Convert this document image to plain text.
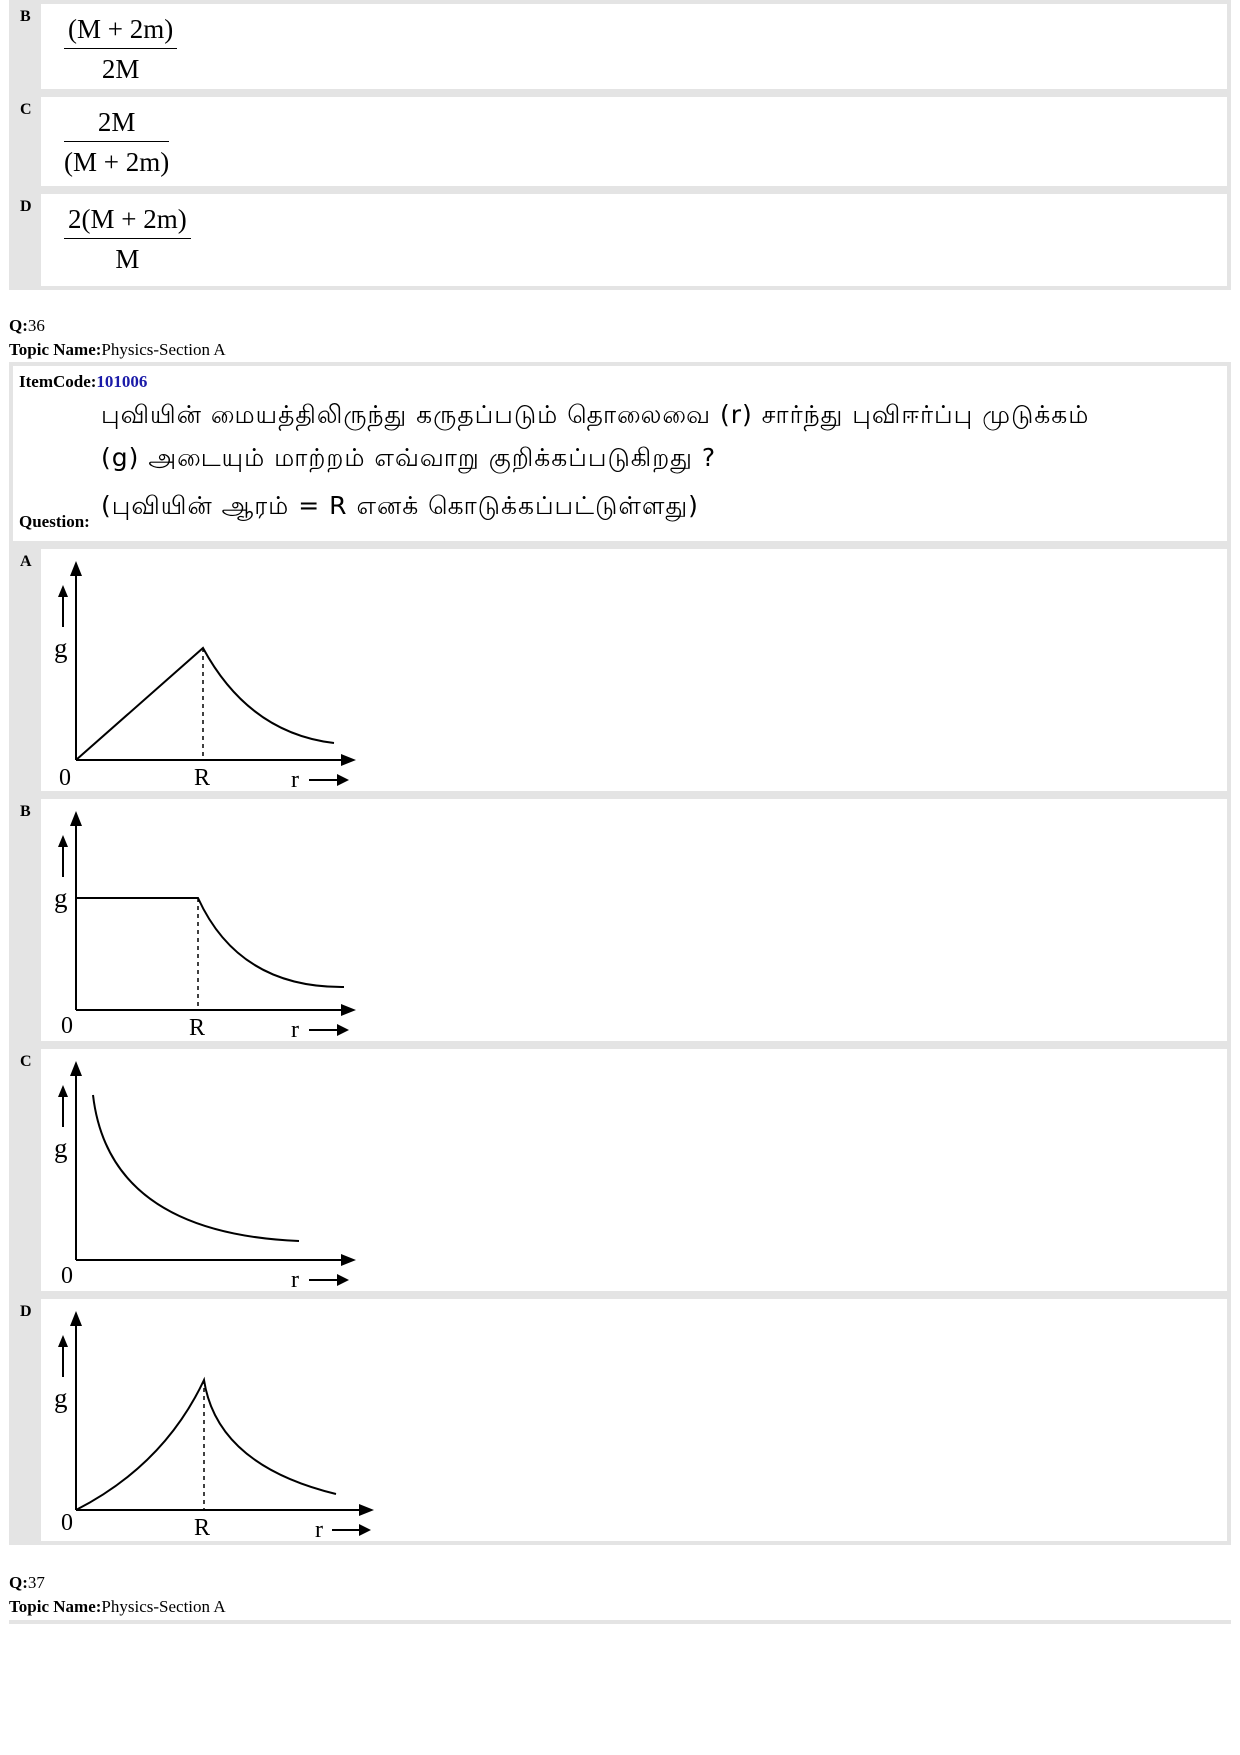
B $\frac{(M + 2m)}{2M}$
C $\frac{2M}{(M + 2m)}$
D $\frac{2(M + 2m)}{M}$
Q:36
Topic Name:Physics-Section A
ItemCode:101006
புவியின் மையத்திலிருந்து கருதப்படும் தொலைவை (r) சார்ந்து புவிஈர்ப்பு முடுக்கம்
(g) அடையும் மாற்றம் எவ்வாறு குறிக்கப்படுகிறது ?
(புவியின் ஆரம் = R எனக் கொடுக்கப்பட்டுள்ளது)
Question:
A
g
0	R	r
B
g
0	R	r
C
g
0	r
D
g
0	R	r
Q:37
Topic Name:Physics-Section A
